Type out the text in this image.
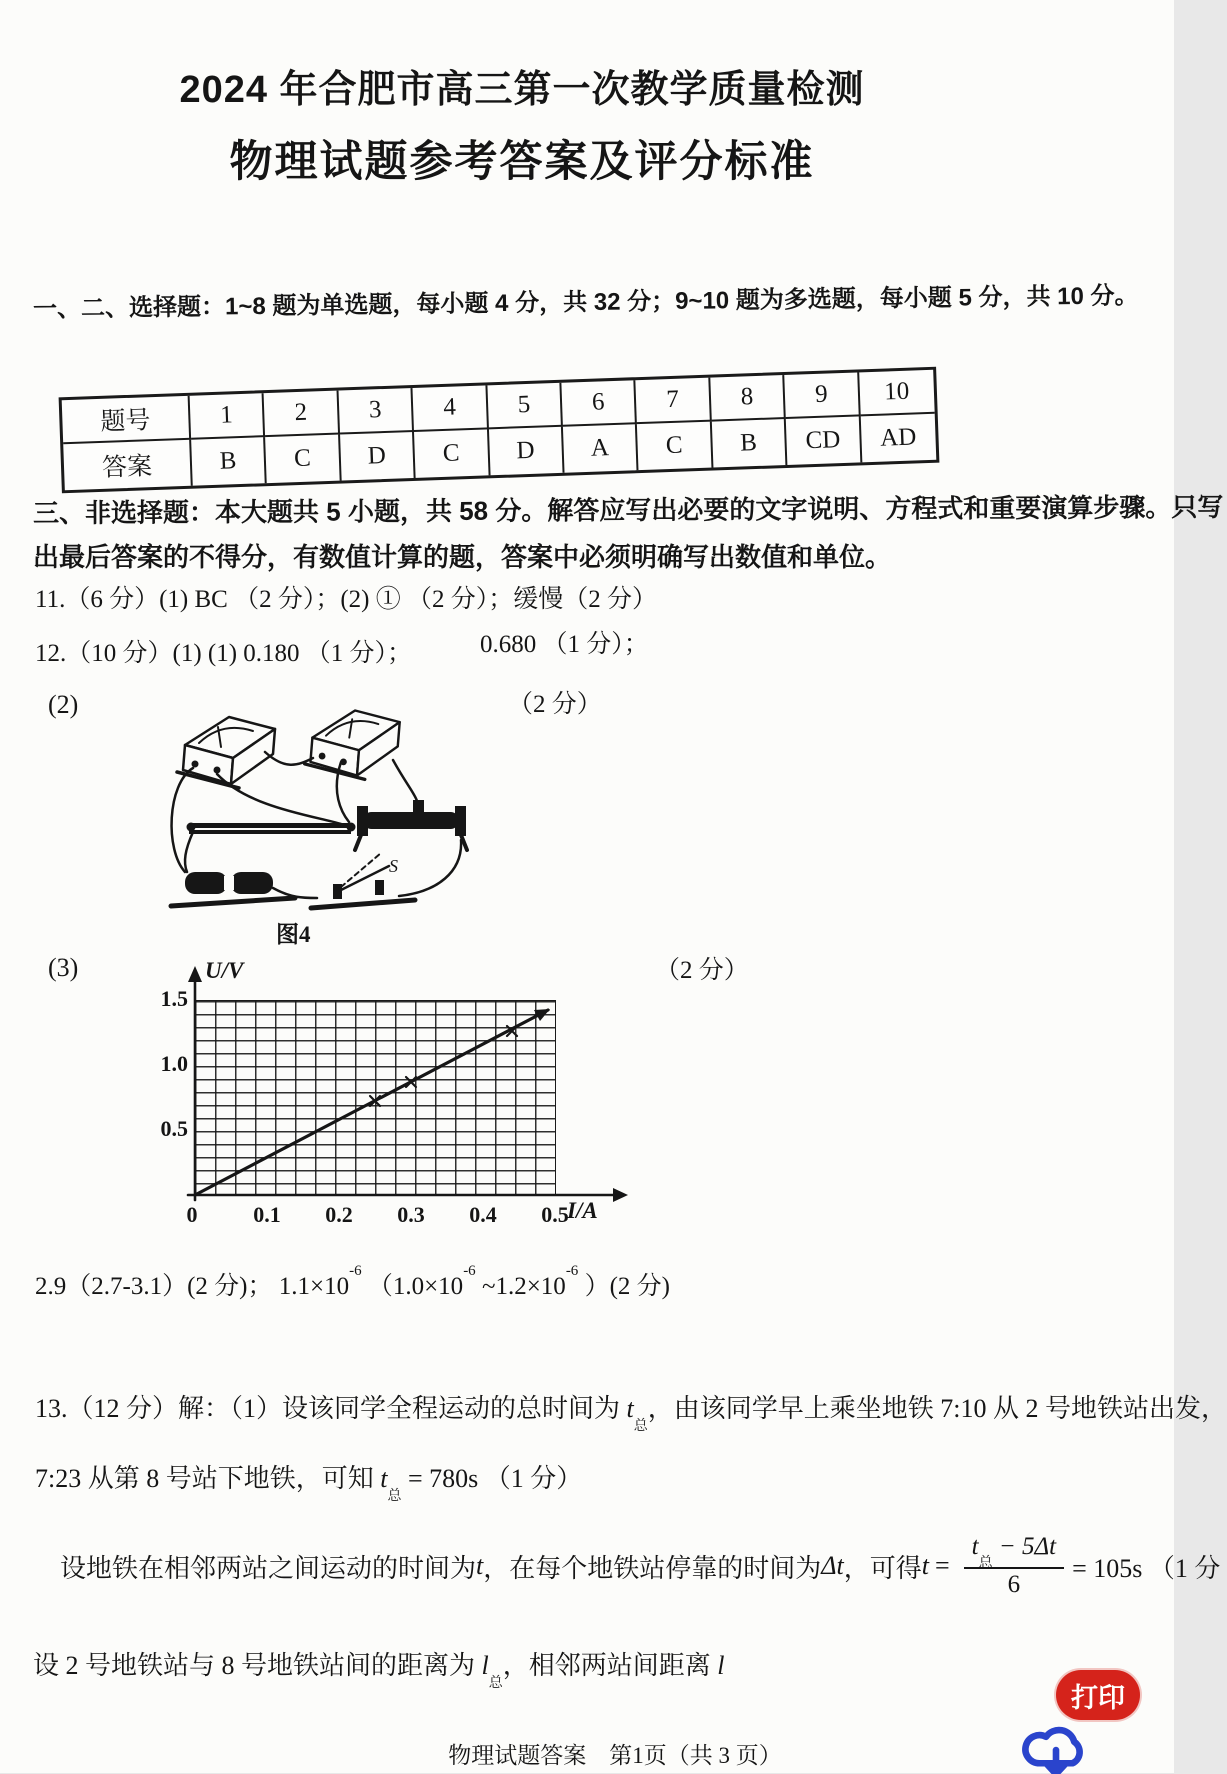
2024 年合肥市高三第一次教学质量检测
物理试题参考答案及评分标准
一、二、选择题：1~8 题为单选题，每小题 4 分，共 32 分；9~10 题为多选题，每小题 5 分，共 10 分。
题号	1	2	3	4	5	6	7	8	9	10
答案	B	C	D	C	D	A	C	B	CD	AD
三、非选择题：本大题共 5 小题，共 58 分。解答应写出必要的文字说明、方程式和重要演算步骤。只写
出最后答案的不得分，有数值计算的题，答案中必须明确写出数值和单位。
11.（6 分）(1) BC （2 分）；(2) ① （2 分）；缓慢（2 分）
12.（10 分）(1) (1) 0.180 （1 分）；	0.680 （1 分）；
(2)	（2 分）
S
图4
(3)	（2 分）
U/V
I/A
1.5
1.0
0.5
0	0.1 0.2 0.3 0.4 0.5
2.9（2.7-3.1）(2 分)； $1.1\times 10^{-6}$ （$1.0\times 10^{-6}$ $\sim 1.2\times 10^{-6}$ ）(2 分)
13.（12 分）解：（1）设该同学全程运动的总时间为 $t_总$，由该同学早上乘坐地铁 7:10 从 2 号地铁站出发，
7:23 从第 8 号站下地铁，可知 $t_总 = 780s$ （1 分）
设地铁在相邻两站之间运动的时间为 t ，在每个地铁站停靠的时间为 Δt ，可得 $t = \frac{t_总 - 5\Delta t}{6} = 105s$ （1 分
设 2 号地铁站与 8 号地铁站间的距离为 $l_总$，相邻两站间距离 l
物理试题答案　第1页（共 3 页）
打印
